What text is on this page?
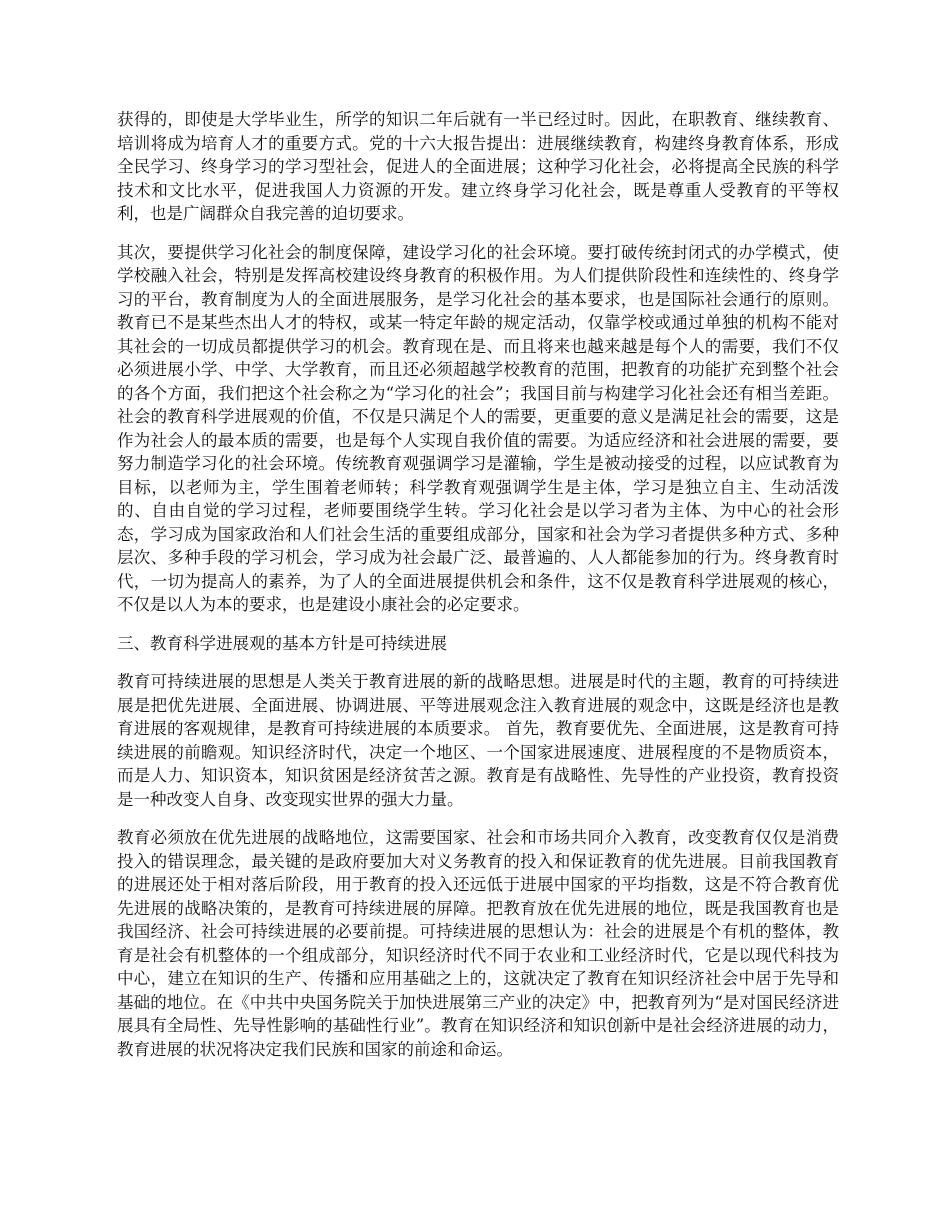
获得的，即使是大学毕业生，所学的知识二年后就有一半已经过时。因此，在职教育、继续教育、培训将成为培育人才的重要方式。党的十六大报告提出：进展继续教育，构建终身教育体系，形成全民学习、终身学习的学习型社会，促进人的全面进展；这种学习化社会，必将提高全民族的科学技术和文比水平，促进我国人力资源的开发。建立终身学习化社会，既是尊重人受教育的平等权利，也是广阔群众自我完善的迫切要求。

其次，要提供学习化社会的制度保障，建设学习化的社会环境。要打破传统封闭式的办学模式，使学校融入社会，特别是发挥高校建设终身教育的积极作用。为人们提供阶段性和连续性的、终身学习的平台，教育制度为人的全面进展服务，是学习化社会的基本要求，也是国际社会通行的原则。教育已不是某些杰出人才的特权，或某一特定年龄的规定活动，仅靠学校或通过单独的机构不能对其社会的一切成员都提供学习的机会。教育现在是、而且将来也越来越是每个人的需要，我们不仅必须进展小学、中学、大学教育，而且还必须超越学校教育的范围，把教育的功能扩充到整个社会的各个方面，我们把这个社会称之为“学习化的社会”；我国目前与构建学习化社会还有相当差距。社会的教育科学进展观的价值，不仅是只满足个人的需要，更重要的意义是满足社会的需要，这是作为社会人的最本质的需要，也是每个人实现自我价值的需要。为适应经济和社会进展的需要，要努力制造学习化的社会环境。传统教育观强调学习是灌输，学生是被动接受的过程，以应试教育为目标，以老师为主，学生围着老师转；科学教育观强调学生是主体，学习是独立自主、生动活泼的、自由自觉的学习过程，老师要围绕学生转。学习化社会是以学习者为主体、为中心的社会形态，学习成为国家政治和人们社会生活的重要组成部分，国家和社会为学习者提供多种方式、多种层次、多种手段的学习机会，学习成为社会最广泛、最普遍的、人人都能参加的行为。终身教育时代，一切为提高人的素养，为了人的全面进展提供机会和条件，这不仅是教育科学进展观的核心，不仅是以人为本的要求，也是建设小康社会的必定要求。

三、教育科学进展观的基本方针是可持续进展

教育可持续进展的思想是人类关于教育进展的新的战略思想。进展是时代的主题，教育的可持续进展是把优先进展、全面进展、协调进展、平等进展观念注入教育进展的观念中，这既是经济也是教育进展的客观规律，是教育可持续进展的本质要求。 首先，教育要优先、全面进展，这是教育可持续进展的前瞻观。知识经济时代，决定一个地区、一个国家进展速度、进展程度的不是物质资本，而是人力、知识资本，知识贫困是经济贫苦之源。教育是有战略性、先导性的产业投资，教育投资是一种改变人自身、改变现实世界的强大力量。

教育必须放在优先进展的战略地位，这需要国家、社会和市场共同介入教育，改变教育仅仅是消费投入的错误理念，最关键的是政府要加大对义务教育的投入和保证教育的优先进展。目前我国教育的进展还处于相对落后阶段，用于教育的投入还远低于进展中国家的平均指数，这是不符合教育优先进展的战略决策的，是教育可持续进展的屏障。把教育放在优先进展的地位，既是我国教育也是我国经济、社会可持续进展的必要前提。可持续进展的思想认为：社会的进展是个有机的整体，教育是社会有机整体的一个组成部分，知识经济时代不同于农业和工业经济时代，它是以现代科技为中心，建立在知识的生产、传播和应用基础之上的，这就决定了教育在知识经济社会中居于先导和基础的地位。在《中共中央国务院关于加快进展第三产业的决定》中，把教育列为“是对国民经济进展具有全局性、先导性影响的基础性行业”。教育在知识经济和知识创新中是社会经济进展的动力，教育进展的状况将决定我们民族和国家的前途和命运。
